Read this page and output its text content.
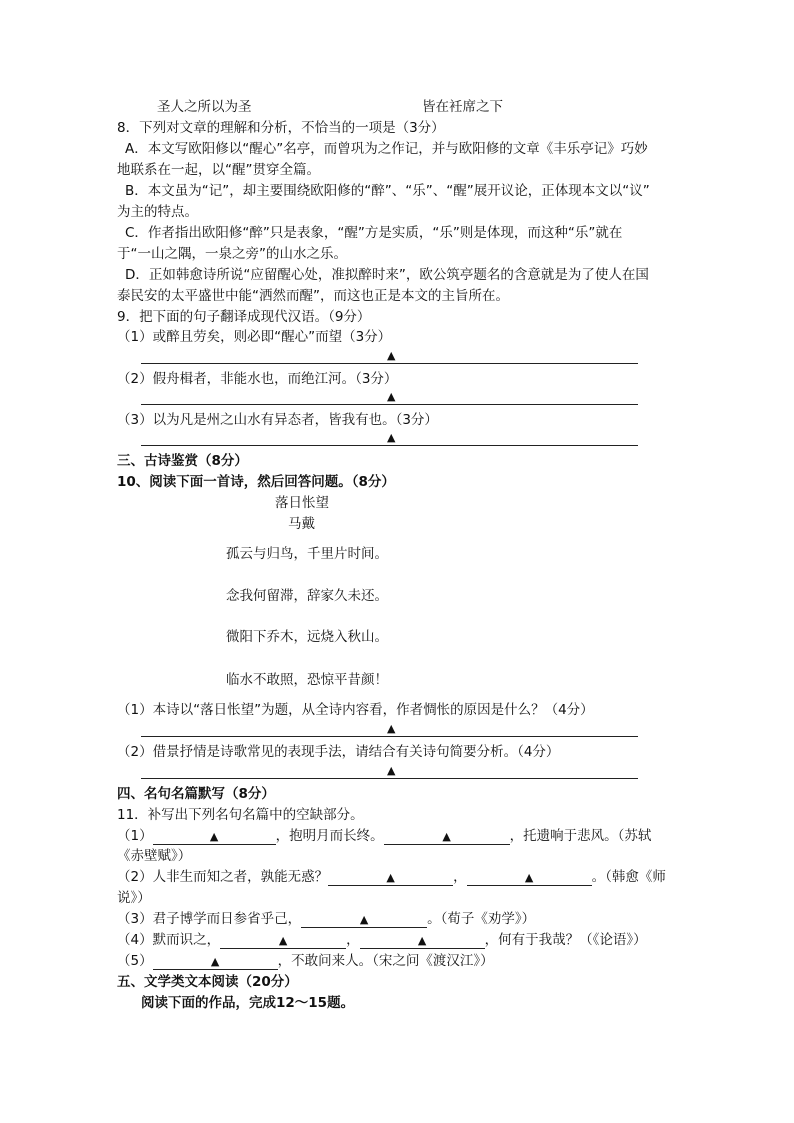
圣人之所以为圣	皆在衽席之下
8．下列对文章的理解和分析，不恰当的一项是（3分）
A．本文写欧阳修以“醒心”名亭，而曾巩为之作记，并与欧阳修的文章《丰乐亭记》巧妙
地联系在一起，以“醒”贯穿全篇。
B．本文虽为“记”，却主要围绕欧阳修的“醉”、“乐”、“醒”展开议论，正体现本文以“议”
为主的特点。
C．作者指出欧阳修“醉”只是表象，“醒”方是实质，“乐”则是体现，而这种“乐”就在
于“一山之隅，一泉之旁”的山水之乐。
D．正如韩愈诗所说“应留醒心处，准拟醉时来”，欧公筑亭题名的含意就是为了使人在国
泰民安的太平盛世中能“洒然而醒”，而这也正是本文的主旨所在。
9．把下面的句子翻译成现代汉语。（9分）
（1）或醉且劳矣，则必即“醒心”而望（3分）
▲
（2）假舟楫者，非能水也，而绝江河。（3分）
▲
（3）以为凡是州之山水有异态者，皆我有也。（3分）
▲
三、古诗鉴赏（8分）
10、阅读下面一首诗，然后回答问题。（8分）
落日怅望
马戴
孤云与归鸟，千里片时间。
念我何留滞，辞家久未还。
微阳下乔木，远烧入秋山。
临水不敢照，恐惊平昔颜！
（1）本诗以“落日怅望”为题，从全诗内容看，作者惆怅的原因是什么？（4分）
▲
（2）借景抒情是诗歌常见的表现手法，请结合有关诗句简要分析。（4分）
▲
四、名句名篇默写（8分）
11．补写出下列名句名篇中的空缺部分。
（1）	▲	，抱明月而长终。	▲	，托遗响于悲风。（苏轼
《赤壁赋》）
（2）人非生而知之者，孰能无惑？	▲	，	▲	。（韩愈《师
说》）
（3）君子博学而日参省乎己，	▲	。（荀子《劝学》）
（4）默而识之，	▲	，	▲	，何有于我哉？（《论语》）
（5）	▲	，不敢问来人。（宋之问《渡汉江》）
五、文学类文本阅读（20分）
阅读下面的作品，完成12～15题。
